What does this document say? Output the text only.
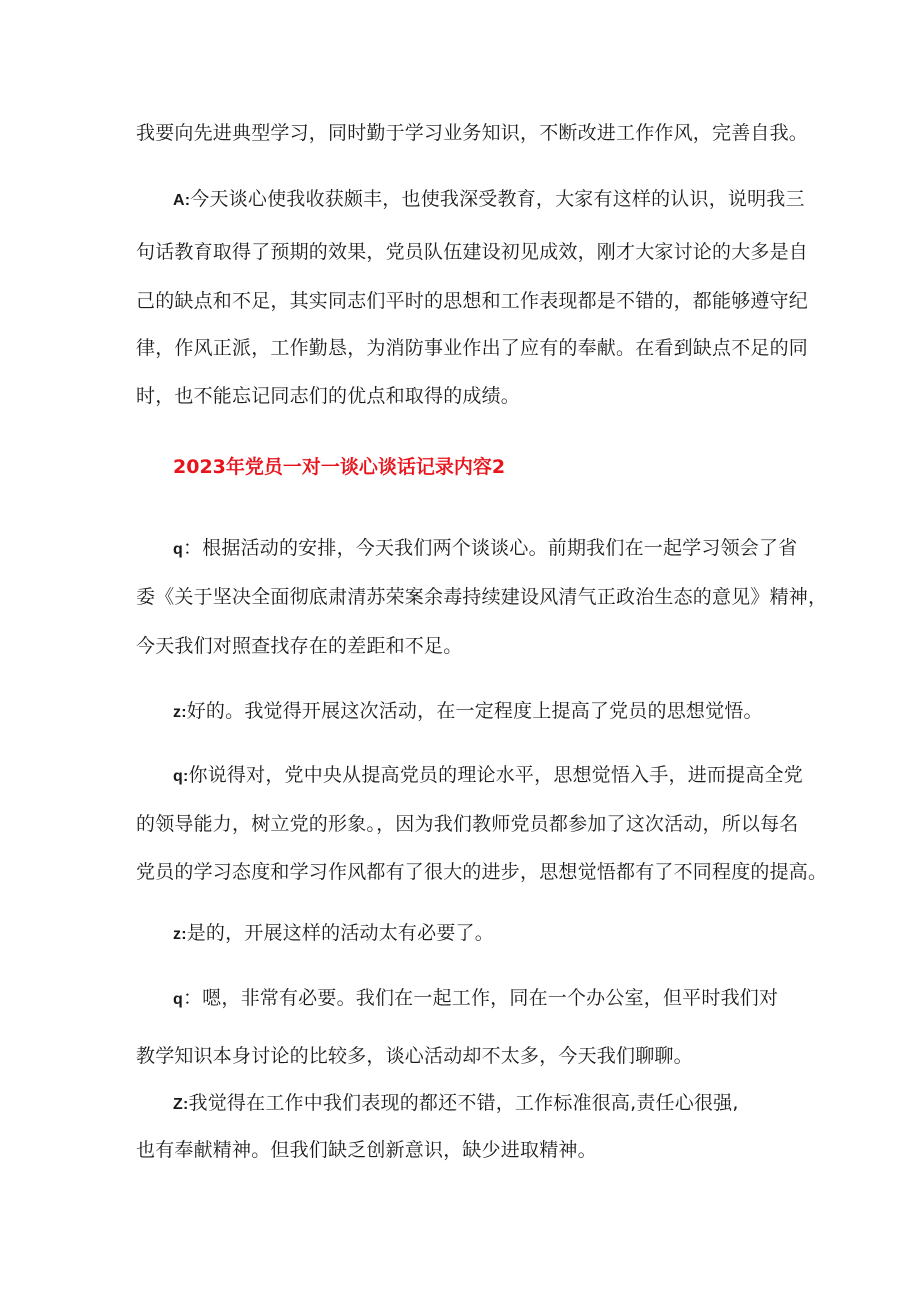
我要向先进典型学习，同时勤于学习业务知识，不断改进工作作风，完善自我。
A:今天谈心使我收获颇丰，也使我深受教育，大家有这样的认识，说明我三
句话教育取得了预期的效果，党员队伍建设初见成效，刚才大家讨论的大多是自
己的缺点和不足，其实同志们平时的思想和工作表现都是不错的，都能够遵守纪
律，作风正派，工作勤恳，为消防事业作出了应有的奉献。在看到缺点不足的同
时，也不能忘记同志们的优点和取得的成绩。
2023年党员一对一谈心谈话记录内容2
q：根据活动的安排，今天我们两个谈谈心。前期我们在一起学习领会了省
委《关于坚决全面彻底肃清苏荣案余毒持续建设风清气正政治生态的意见》精神，
今天我们对照查找存在的差距和不足。
z:好的。我觉得开展这次活动，在一定程度上提高了党员的思想觉悟。
q:你说得对，党中央从提高党员的理论水平，思想觉悟入手，进而提高全党
的领导能力，树立党的形象。，因为我们教师党员都参加了这次活动，所以每名
党员的学习态度和学习作风都有了很大的进步，思想觉悟都有了不同程度的提高。
z:是的，开展这样的活动太有必要了。
q：嗯，非常有必要。我们在一起工作，同在一个办公室，但平时我们对
教学知识本身讨论的比较多，谈心活动却不太多，今天我们聊聊。
Z:我觉得在工作中我们表现的都还不错，工作标准很高,责任心很强,
也有奉献精神。但我们缺乏创新意识，缺少进取精神。
